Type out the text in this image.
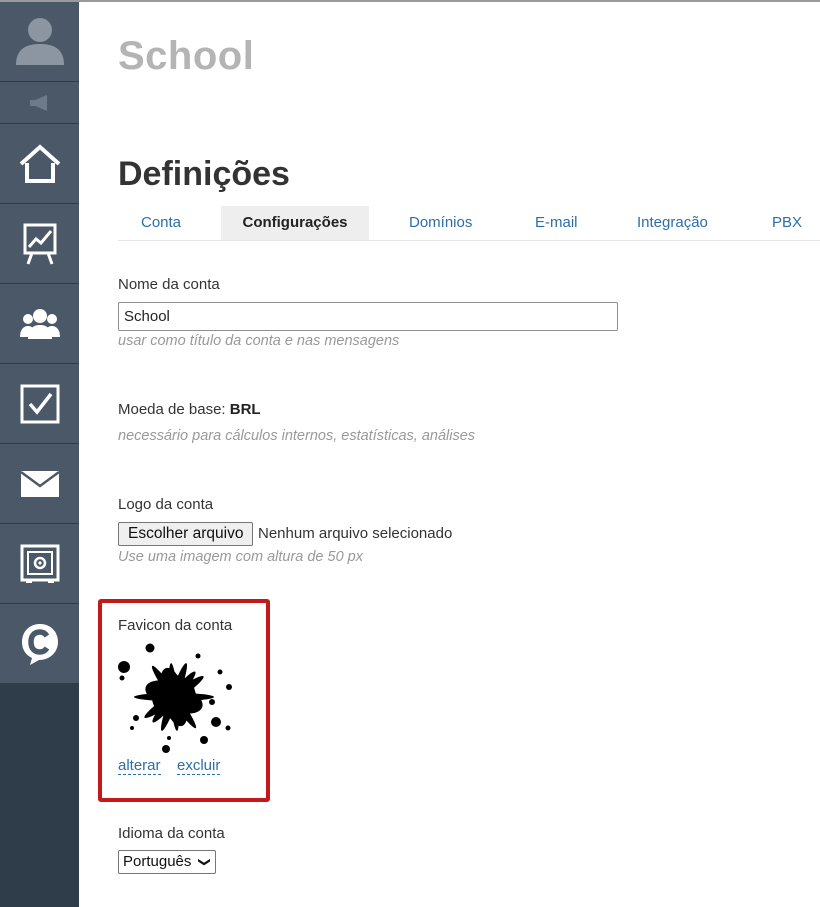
School
Definições
Conta	Configurações	Domínios	E-mail	Integração	PBX
Nome da conta
School
usar como título da conta e nas mensagens
Moeda de base: BRL
necessário para cálculos internos, estatísticas, análises
Logo da conta
Escolher arquivo Nenhum arquivo selecionado
Use uma imagem com altura de 50 px
Favicon da conta
alterar excluir
Idioma da conta
Português ❯
